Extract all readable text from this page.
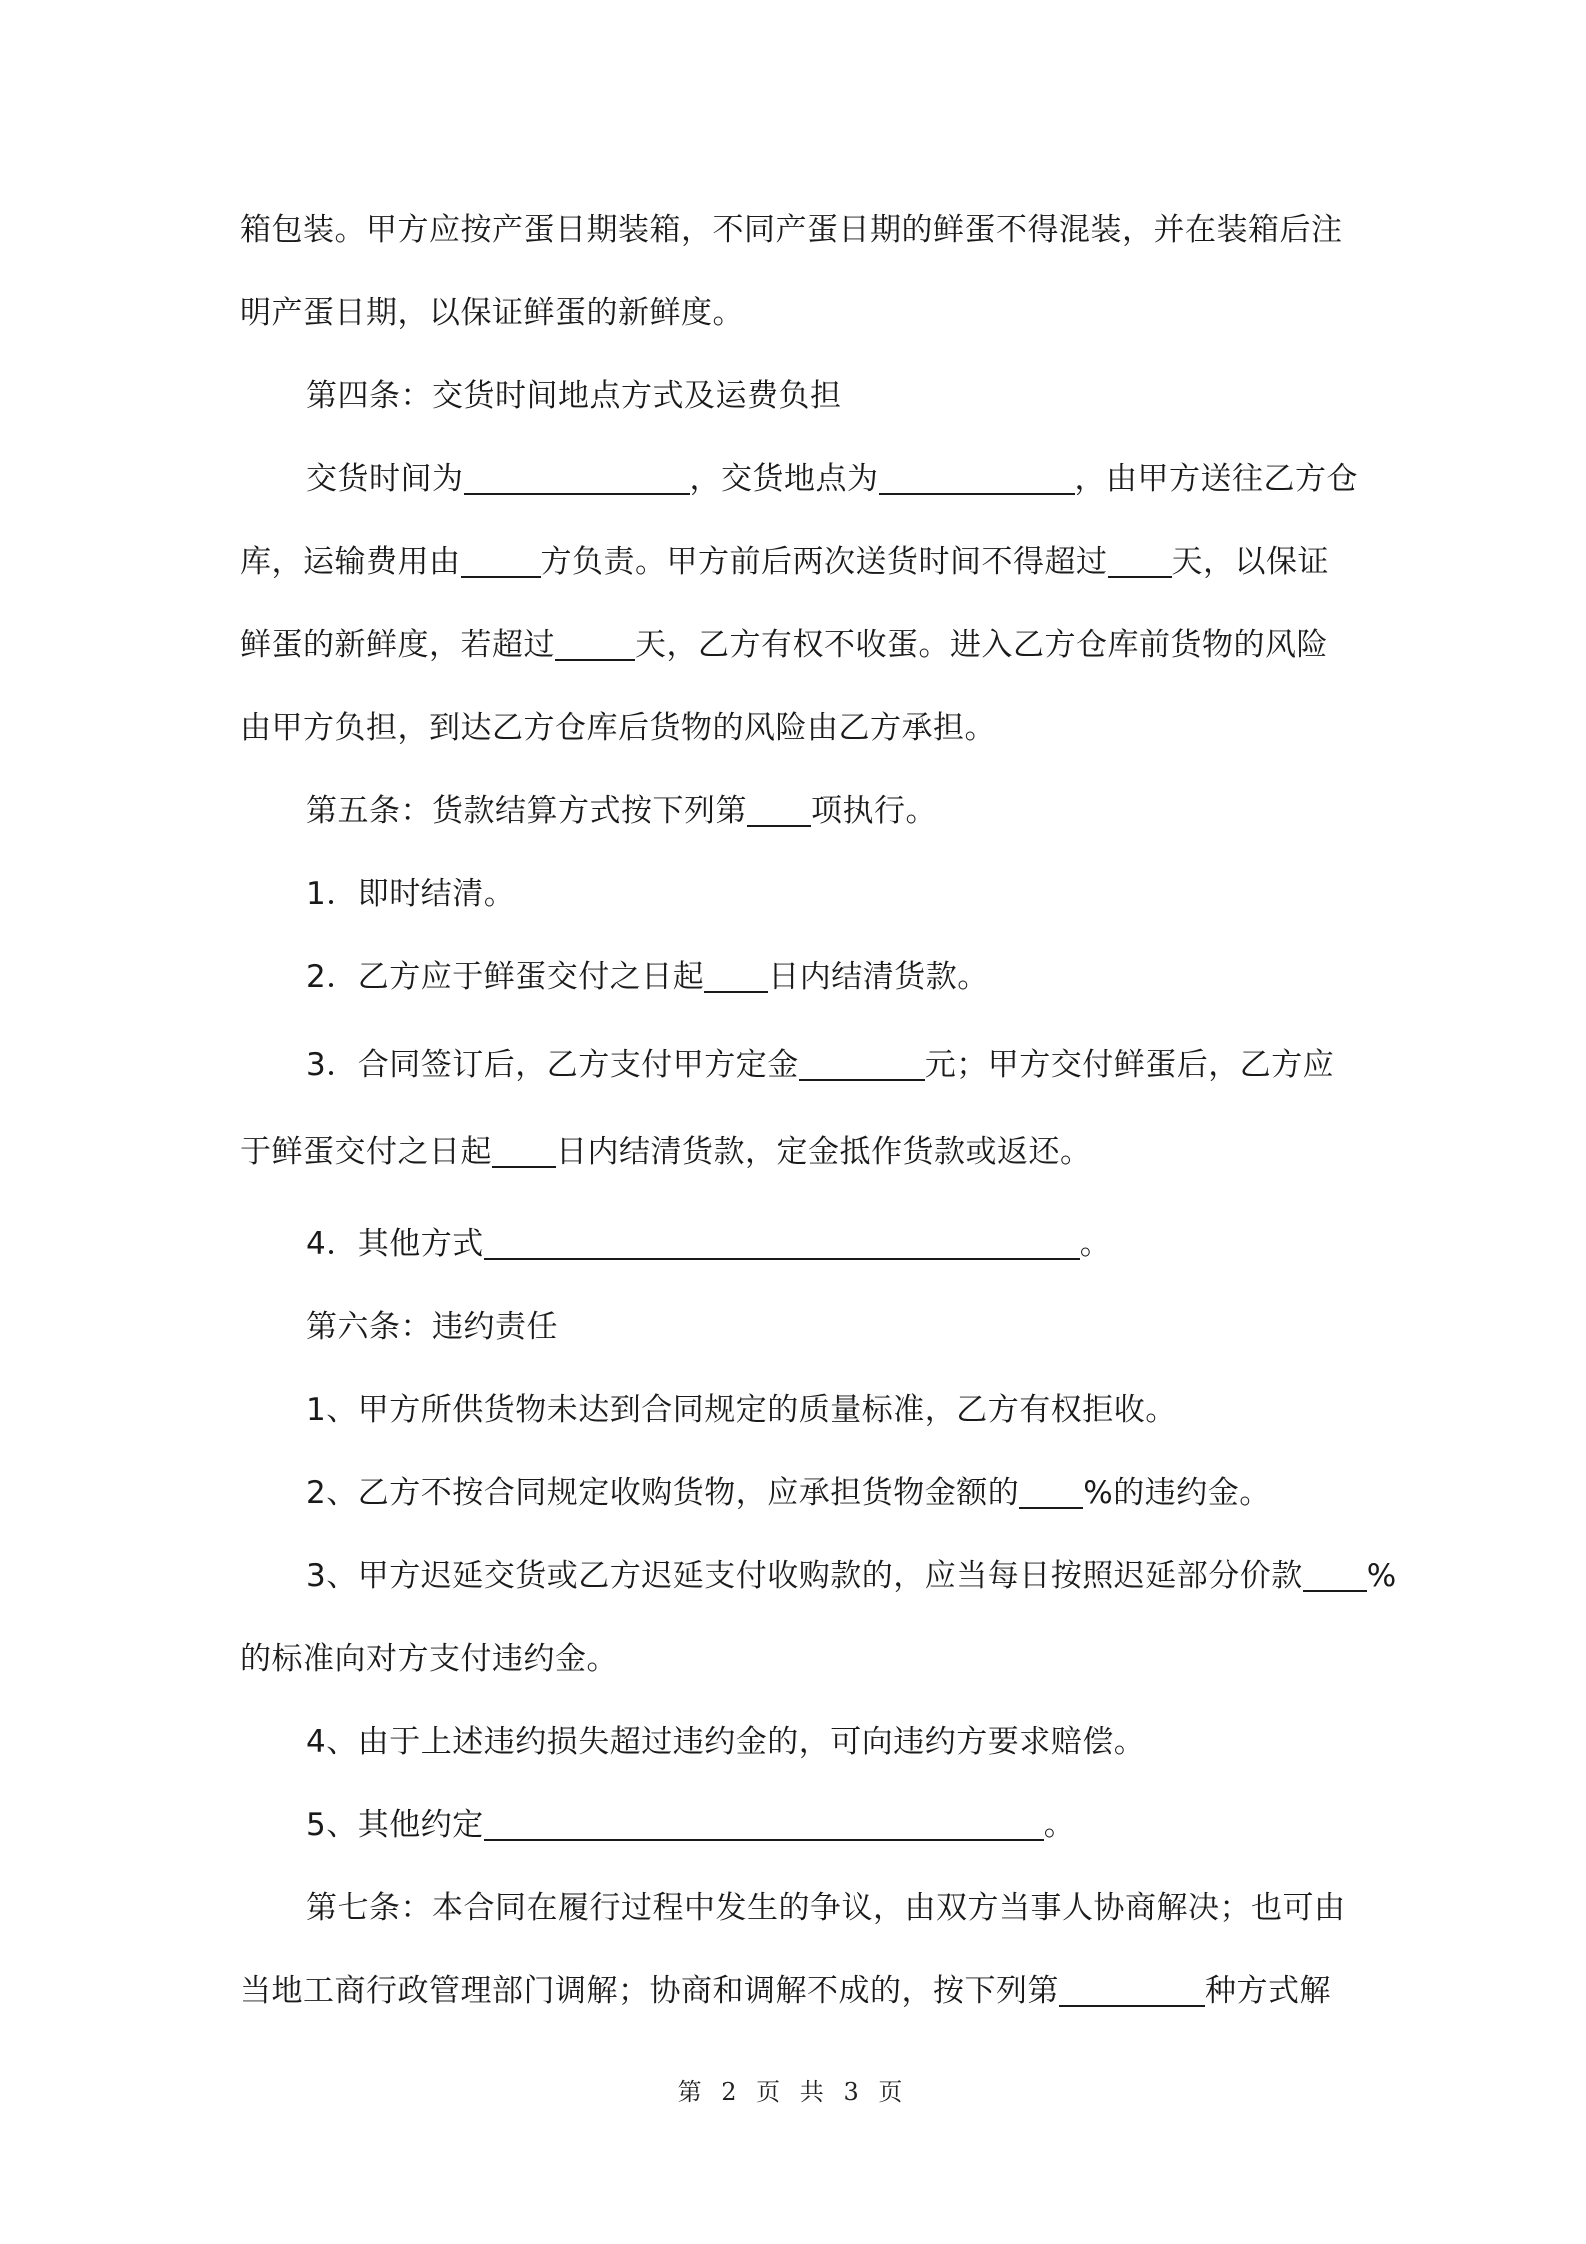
箱包装。甲方应按产蛋日期装箱，不同产蛋日期的鲜蛋不得混装，并在装箱后注
明产蛋日期，以保证鲜蛋的新鲜度。
第四条：交货时间地点方式及运费负担
交货时间为	，交货地点为	，由甲方送往乙方仓
库，运输费用由	方负责。甲方前后两次送货时间不得超过 天，以保证
鲜蛋的新鲜度，若超过	天，乙方有权不收蛋。进入乙方仓库前货物的风险
由甲方负担，到达乙方仓库后货物的风险由乙方承担。
第五条：货款结算方式按下列第 项执行。
1．即时结清。
2．乙方应于鲜蛋交付之日起 日内结清货款。
3．合同签订后，乙方支付甲方定金	元；甲方交付鲜蛋后，乙方应
于鲜蛋交付之日起 日内结清货款，定金抵作货款或返还。
4．其他方式	。
第六条：违约责任
1、甲方所供货物未达到合同规定的质量标准，乙方有权拒收。
2、乙方不按合同规定收购货物，应承担货物金额的 %的违约金。
3、甲方迟延交货或乙方迟延支付收购款的，应当每日按照迟延部分价款 %
的标准向对方支付违约金。
4、由于上述违约损失超过违约金的，可向违约方要求赔偿。
5、其他约定	。
第七条：本合同在履行过程中发生的争议，由双方当事人协商解决；也可由
当地工商行政管理部门调解；协商和调解不成的，按下列第	种方式解
第 2 页 共 3 页
